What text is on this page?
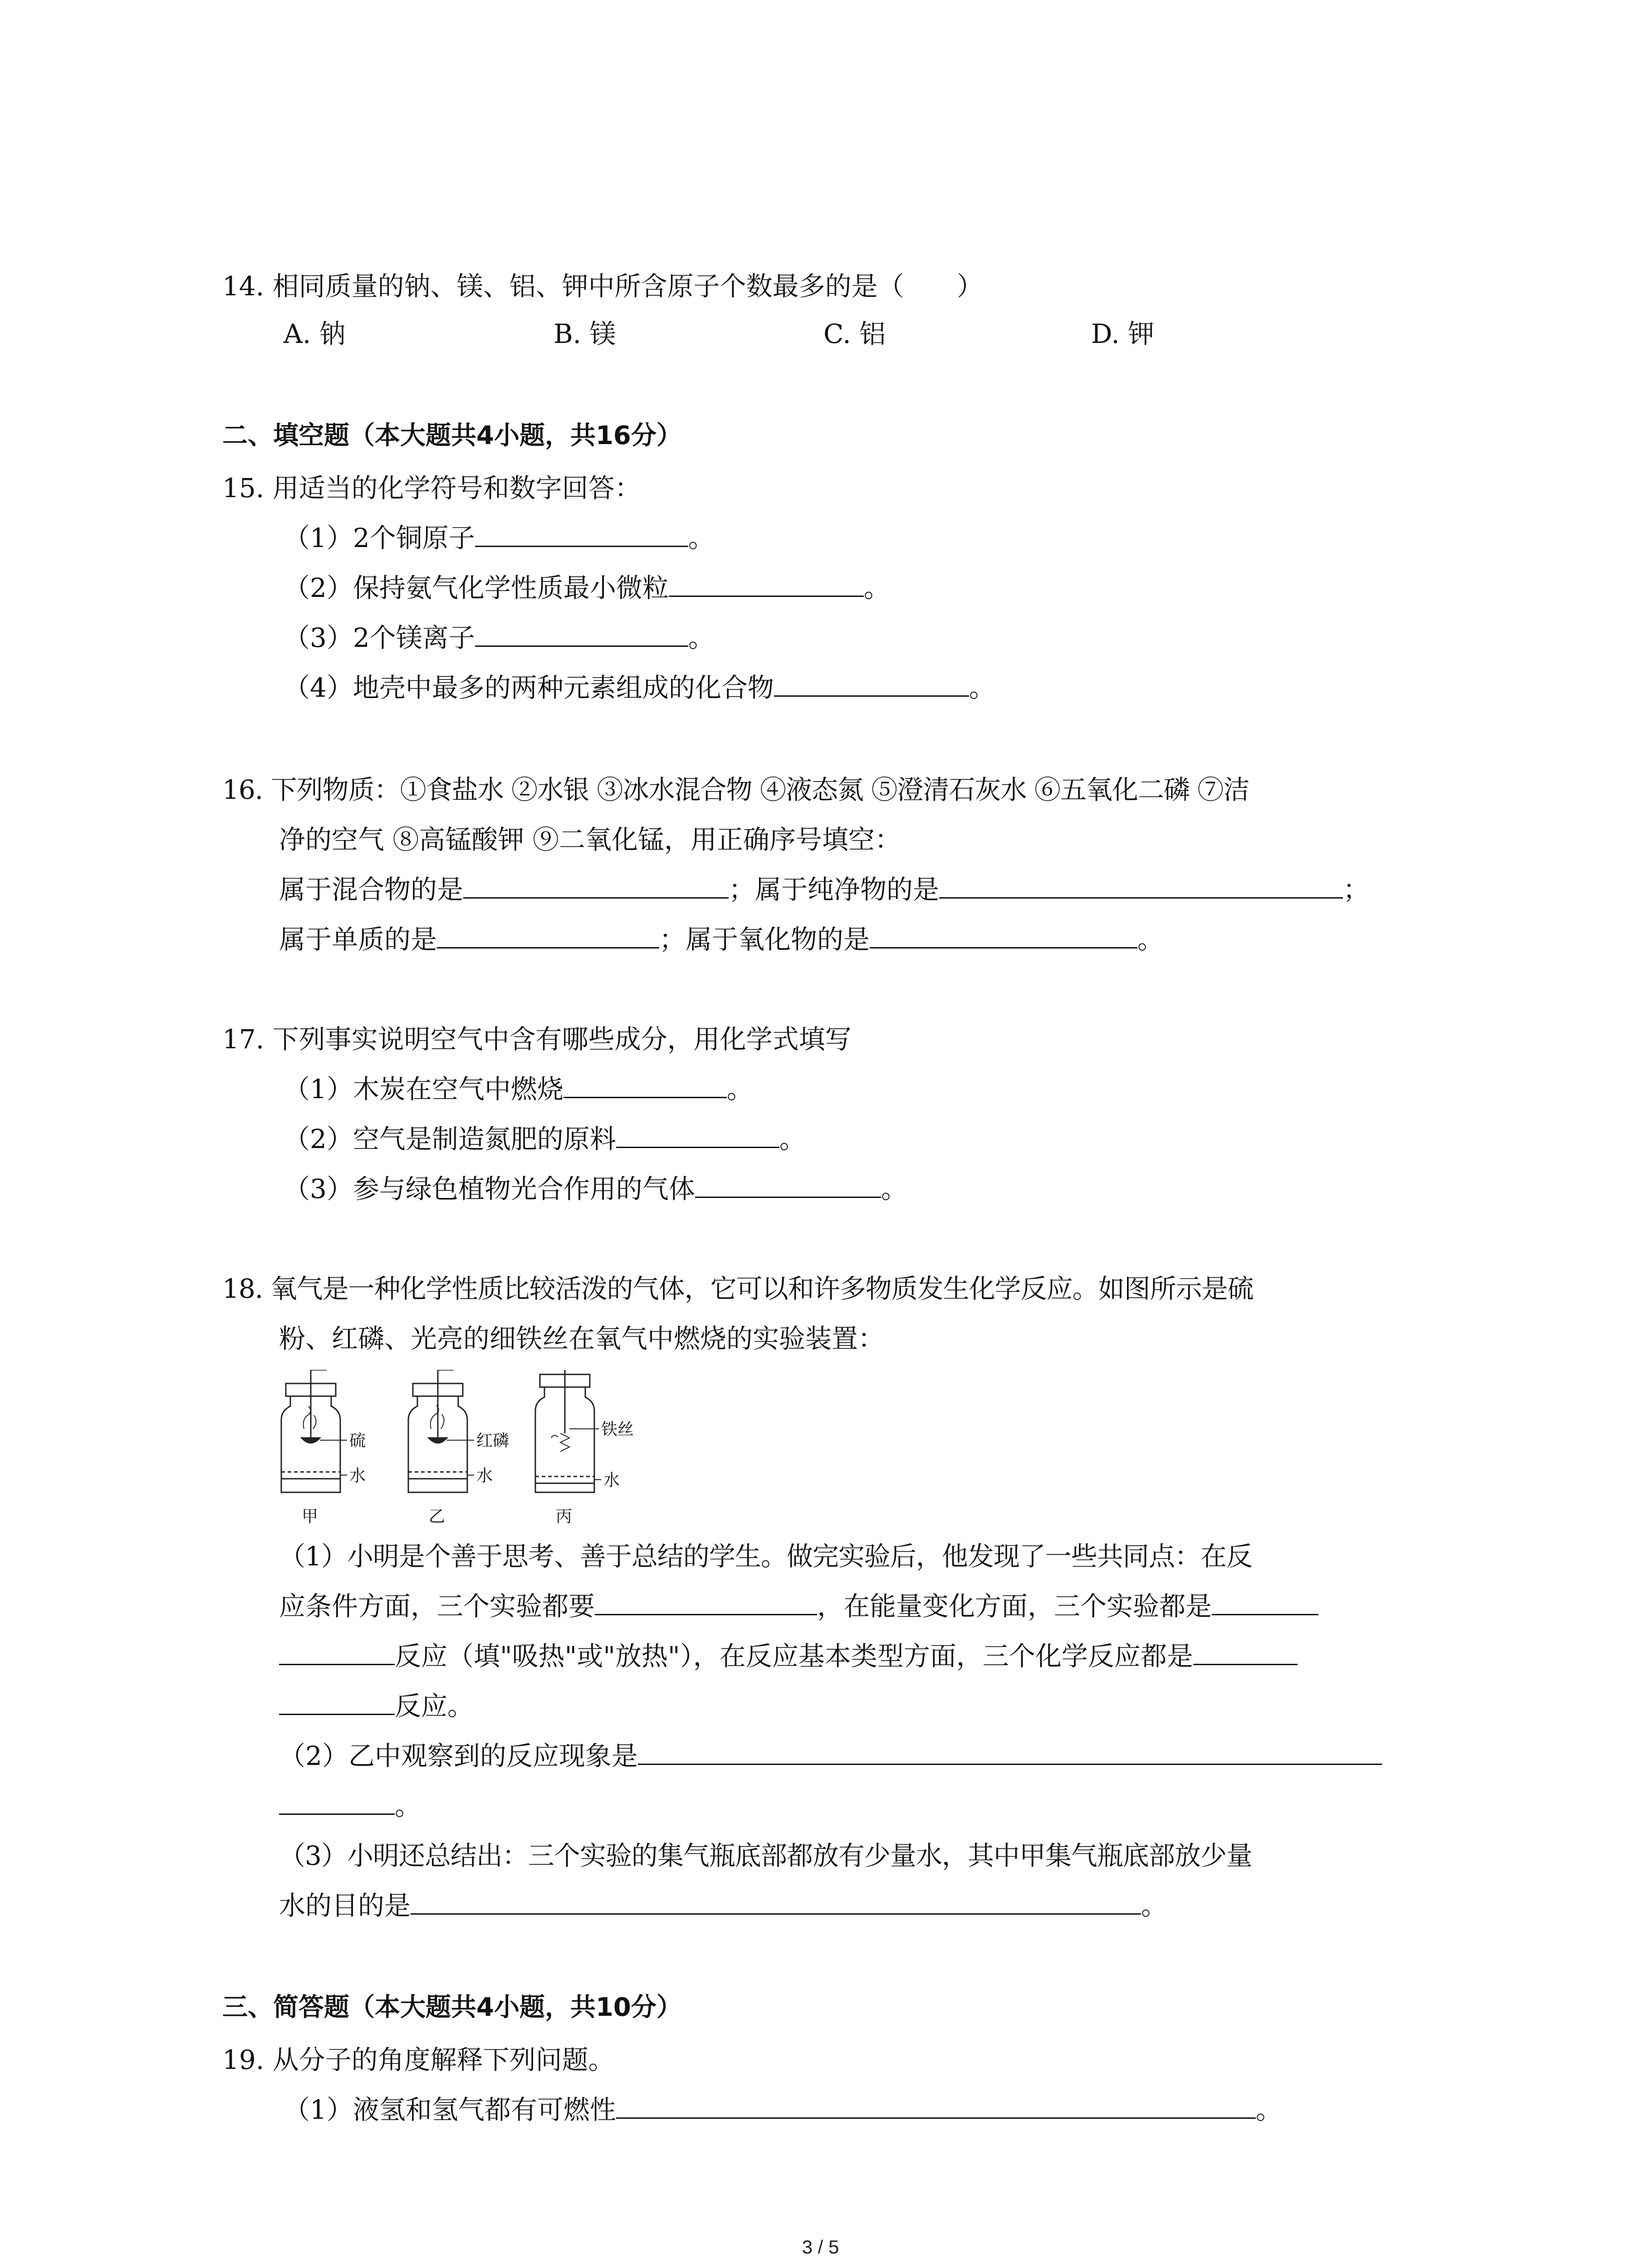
14. 相同质量的钠、镁、铝、钾中所含原子个数最多的是（　　）
A. 钠	B. 镁	C. 铝	D. 钾
二、填空题（本大题共4小题，共16分）
15. 用适当的化学符号和数字回答：
（1）2个铜原子	。
（2）保持氨气化学性质最小微粒	。
（3）2个镁离子	。
（4）地壳中最多的两种元素组成的化合物	。
16. 下列物质：①食盐水 ②水银 ③冰水混合物 ④液态氮 ⑤澄清石灰水 ⑥五氧化二磷 ⑦洁
净的空气 ⑧高锰酸钾 ⑨二氧化锰，用正确序号填空：
属于混合物的是	；属于纯净物的是	；
属于单质的是	；属于氧化物的是	。
17. 下列事实说明空气中含有哪些成分，用化学式填写
（1）木炭在空气中燃烧	。
（2）空气是制造氮肥的原料	。
（3）参与绿色植物光合作用的气体	。
18. 氧气是一种化学性质比较活泼的气体，它可以和许多物质发生化学反应。如图所示是硫
粉、红磷、光亮的细铁丝在氧气中燃烧的实验装置：
硫
水
红磷
水
铁丝
水
甲	乙	丙
（1）小明是个善于思考、善于总结的学生。做完实验后，他发现了一些共同点：在反
应条件方面，三个实验都要	，在能量变化方面，三个实验都是
反应（填"吸热"或"放热"），在反应基本类型方面，三个化学反应都是
反应。
（2）乙中观察到的反应现象是
。
（3）小明还总结出：三个实验的集气瓶底部都放有少量水，其中甲集气瓶底部放少量
水的目的是	。
三、简答题（本大题共4小题，共10分）
19. 从分子的角度解释下列问题。
（1）液氢和氢气都有可燃性	。
3 / 5
